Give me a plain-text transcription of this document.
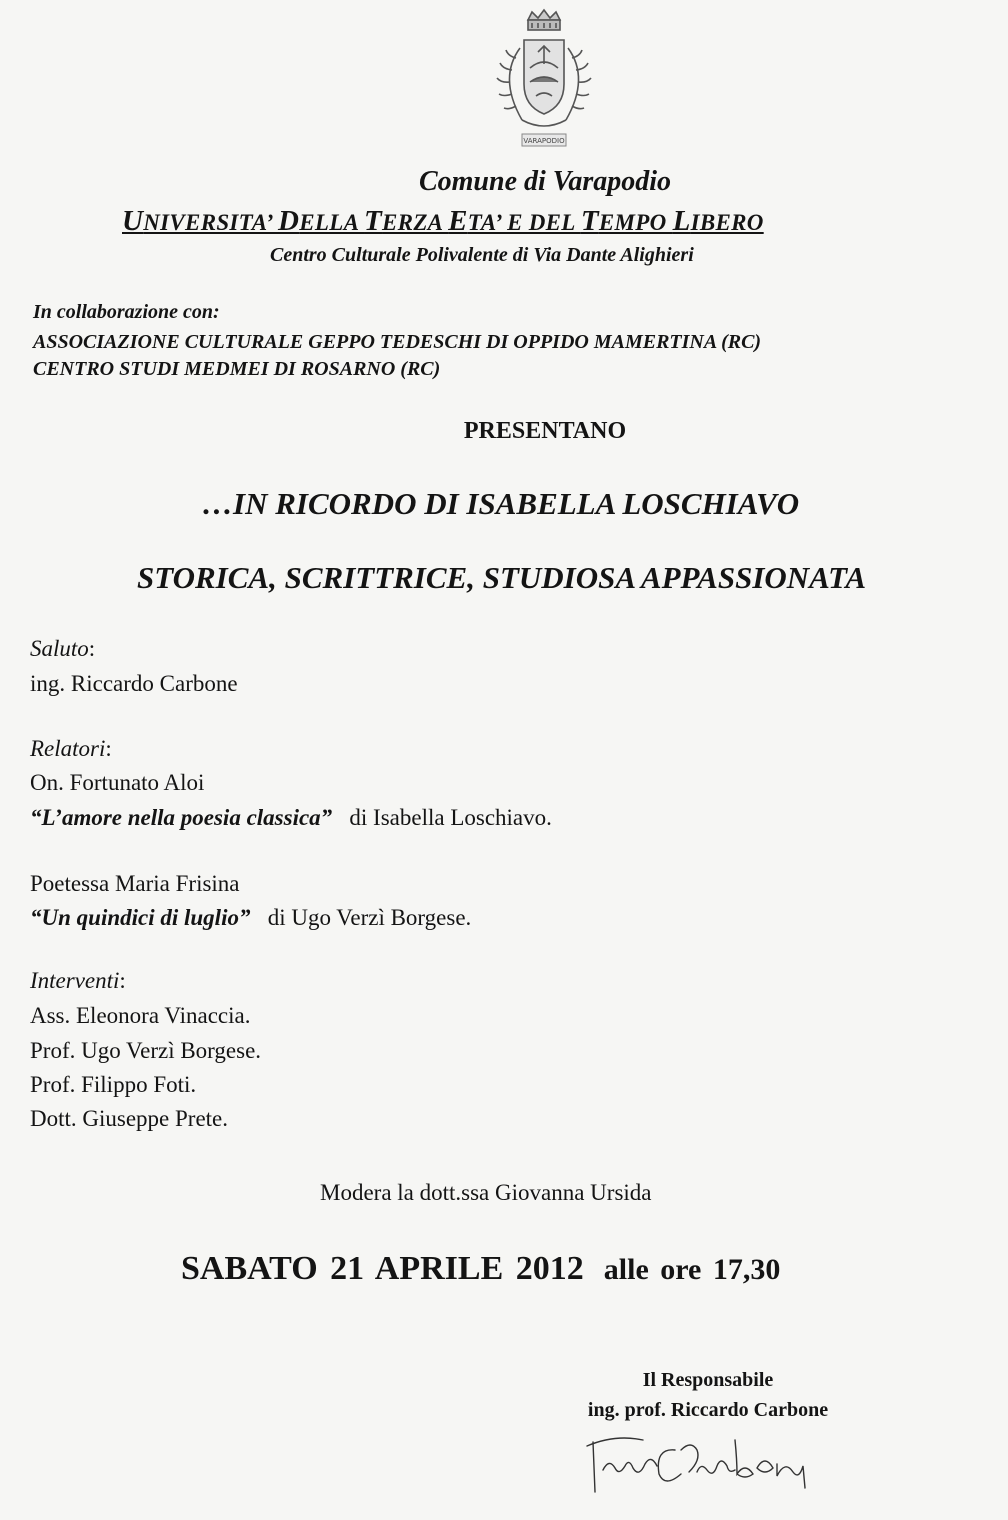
VARAPODIO
Comune di Varapodio
UNIVERSITA’ DELLA TERZA ETA’ E DEL TEMPO LIBERO
Centro Culturale Polivalente di Via Dante Alighieri
In collaborazione con:
ASSOCIAZIONE CULTURALE GEPPO TEDESCHI DI OPPIDO MAMERTINA (RC)
CENTRO STUDI MEDMEI DI ROSARNO (RC)
PRESENTANO
…IN RICORDO DI ISABELLA LOSCHIAVO
STORICA, SCRITTRICE, STUDIOSA APPASSIONATA
Saluto:
ing. Riccardo Carbone
Relatori:
On. Fortunato Aloi
“L’amore nella poesia classica” di Isabella Loschiavo.
Poetessa Maria Frisina
“Un quindici di luglio” di Ugo Verzì Borgese.
Interventi:
Ass. Eleonora Vinaccia.
Prof. Ugo Verzì Borgese.
Prof. Filippo Foti.
Dott. Giuseppe Prete.
Modera la dott.ssa Giovanna Ursida
SABATO 21 APRILE 2012 alle ore 17,30
Il Responsabile
ing. prof. Riccardo Carbone
